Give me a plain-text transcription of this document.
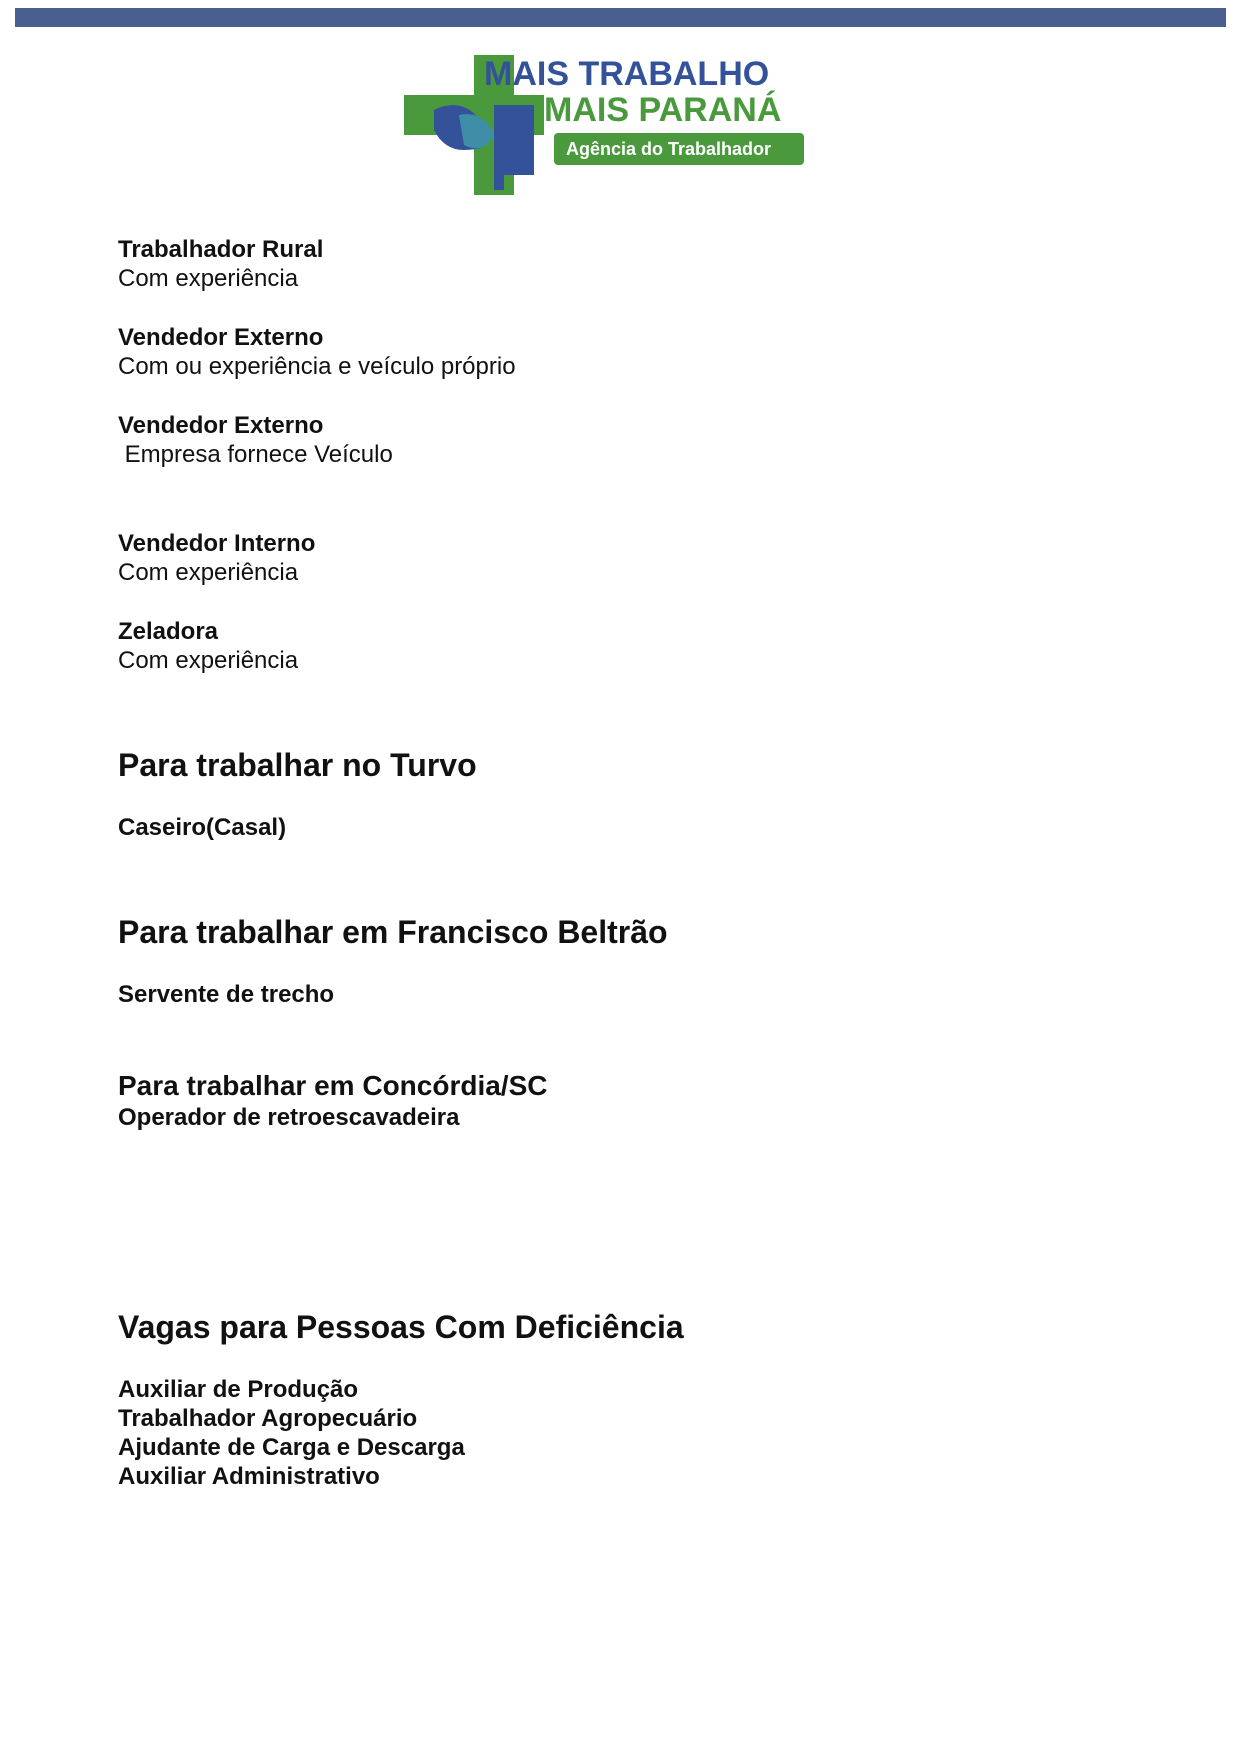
MAIS TRABALHO
MAIS PARANÁ
Agência do Trabalhador
Trabalhador Rural
Com experiência
Vendedor Externo
Com ou experiência e veículo próprio
Vendedor Externo
Empresa fornece Veículo
Vendedor Interno
Com experiência
Zeladora
Com experiência
Para trabalhar no Turvo
Caseiro(Casal)
Para trabalhar em Francisco Beltrão
Servente de trecho
Para trabalhar em Concórdia/SC
Operador de retroescavadeira
Vagas para Pessoas Com Deficiência
Auxiliar de Produção
Trabalhador Agropecuário
Ajudante de Carga e Descarga
Auxiliar Administrativo
